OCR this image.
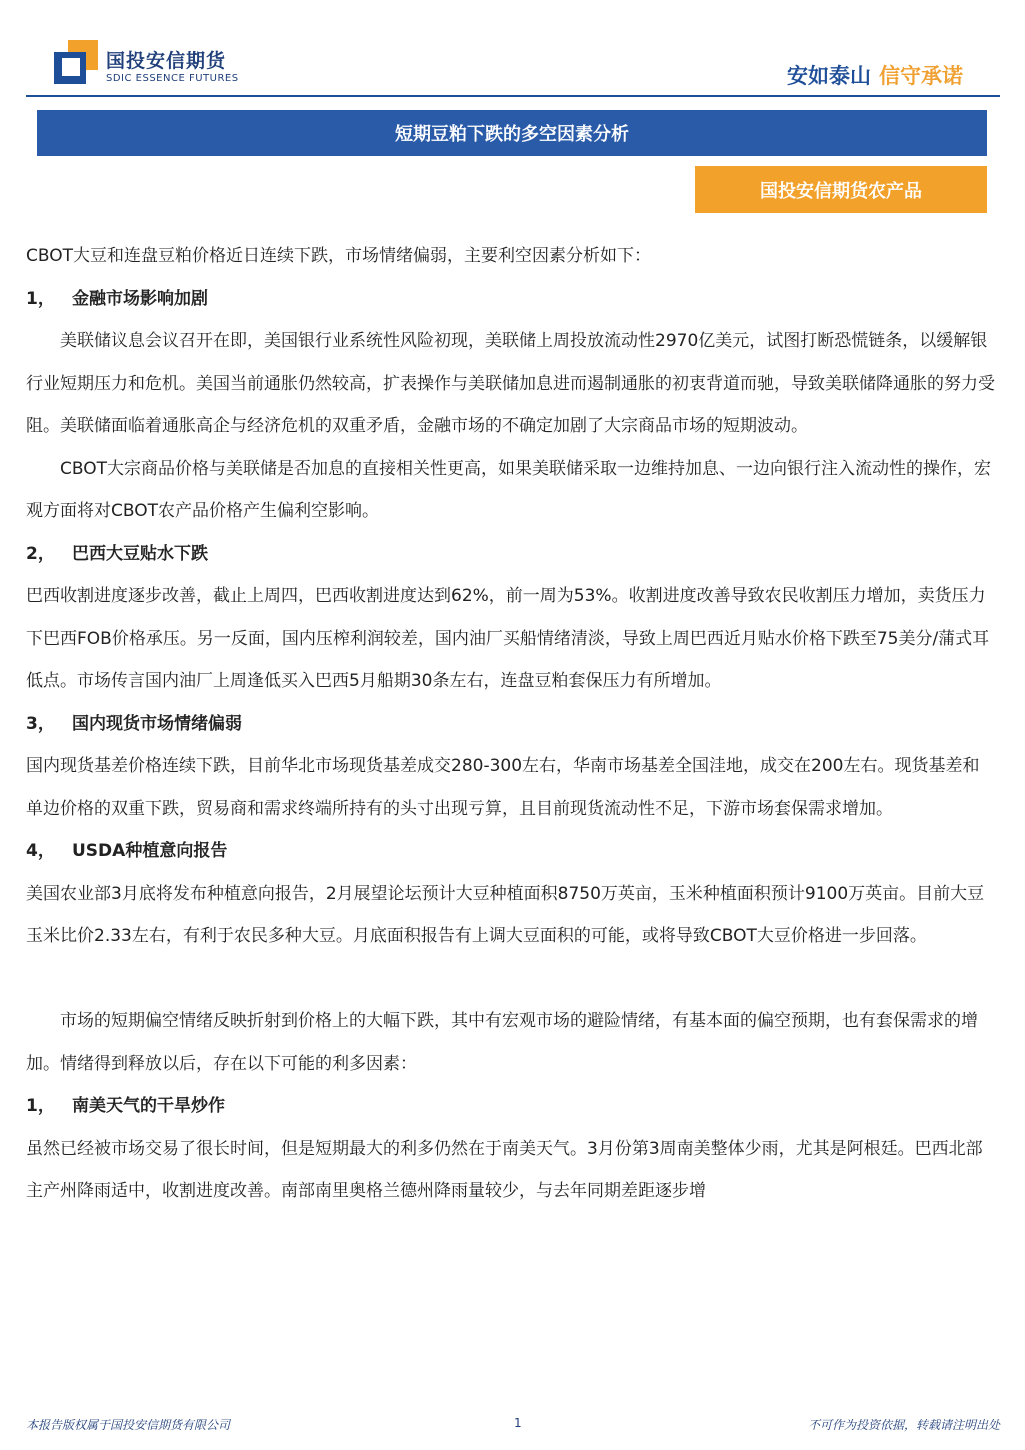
国投安信期货
SDIC ESSENCE FUTURES	安如泰山 信守承诺
短期豆粕下跌的多空因素分析
国投安信期货农产品

CBOT大豆和连盘豆粕价格近日连续下跌，市场情绪偏弱，主要利空因素分析如下：

1， 金融市场影响加剧

美联储议息会议召开在即，美国银行业系统性风险初现，美联储上周投放流动性2970亿美元，试图打断恐慌链条，以缓解银行业短期压力和危机。美国当前通胀仍然较高，扩表操作与美联储加息进而遏制通胀的初衷背道而驰，导致美联储降通胀的努力受阻。美联储面临着通胀高企与经济危机的双重矛盾，金融市场的不确定加剧了大宗商品市场的短期波动。

CBOT大宗商品价格与美联储是否加息的直接相关性更高，如果美联储采取一边维持加息、一边向银行注入流动性的操作，宏观方面将对CBOT农产品价格产生偏利空影响。

2， 巴西大豆贴水下跌

巴西收割进度逐步改善，截止上周四，巴西收割进度达到62%，前一周为53%。收割进度改善导致农民收割压力增加，卖货压力下巴西FOB价格承压。另一反面，国内压榨利润较差，国内油厂买船情绪清淡，导致上周巴西近月贴水价格下跌至75美分/蒲式耳低点。市场传言国内油厂上周逢低买入巴西5月船期30条左右，连盘豆粕套保压力有所增加。

3， 国内现货市场情绪偏弱

国内现货基差价格连续下跌，目前华北市场现货基差成交280-300左右，华南市场基差全国洼地，成交在200左右。现货基差和单边价格的双重下跌，贸易商和需求终端所持有的头寸出现亏算，且目前现货流动性不足，下游市场套保需求增加。

4， USDA种植意向报告

美国农业部3月底将发布种植意向报告，2月展望论坛预计大豆种植面积8750万英亩，玉米种植面积预计9100万英亩。目前大豆玉米比价2.33左右，有利于农民多种大豆。月底面积报告有上调大豆面积的可能，或将导致CBOT大豆价格进一步回落。

市场的短期偏空情绪反映折射到价格上的大幅下跌，其中有宏观市场的避险情绪，有基本面的偏空预期，也有套保需求的增加。情绪得到释放以后，存在以下可能的利多因素：

1， 南美天气的干旱炒作

虽然已经被市场交易了很长时间，但是短期最大的利多仍然在于南美天气。3月份第3周南美整体少雨，尤其是阿根廷。巴西北部主产州降雨适中，收割进度改善。南部南里奥格兰德州降雨量较少，与去年同期差距逐步增

本报告版权属于国投安信期货有限公司	1	不可作为投资依据，转载请注明出处
